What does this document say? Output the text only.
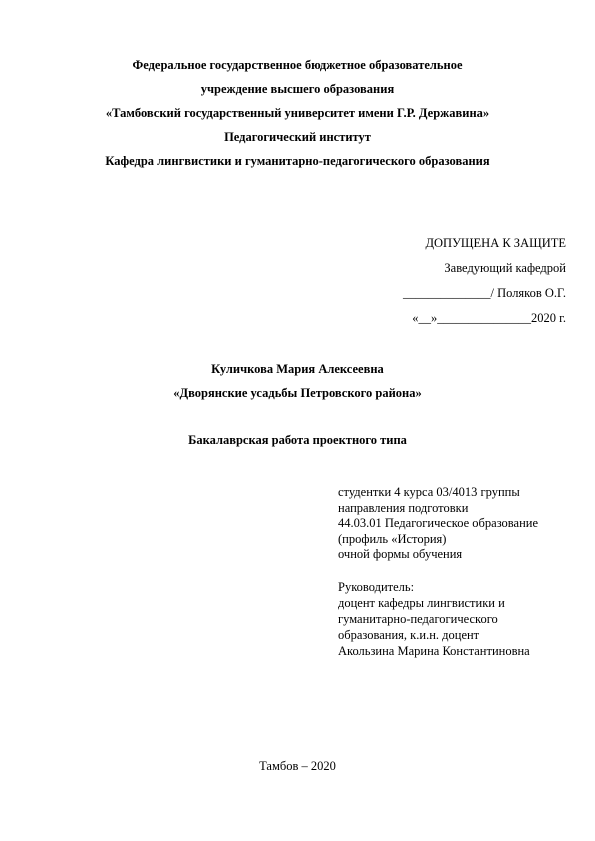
Федеральное государственное бюджетное образовательное
учреждение высшего образования
«Тамбовский государственный университет имени Г.Р. Державина»
Педагогический институт
Кафедра лингвистики и гуманитарно-педагогического образования
ДОПУЩЕНА К ЗАЩИТЕ
Заведующий кафедрой
______________/ Поляков О.Г.
«__»_______________2020 г.
Куличкова Мария Алексеевна
«Дворянские усадьбы Петровского района»
Бакалаврская работа проектного типа
студентки 4 курса 03/4013 группы
направления подготовки
44.03.01 Педагогическое образование
(профиль «История)
очной формы обучения
Руководитель:
доцент кафедры лингвистики и
гуманитарно-педагогического
образования, к.и.н. доцент
Акользина Марина Константиновна
Тамбов – 2020
